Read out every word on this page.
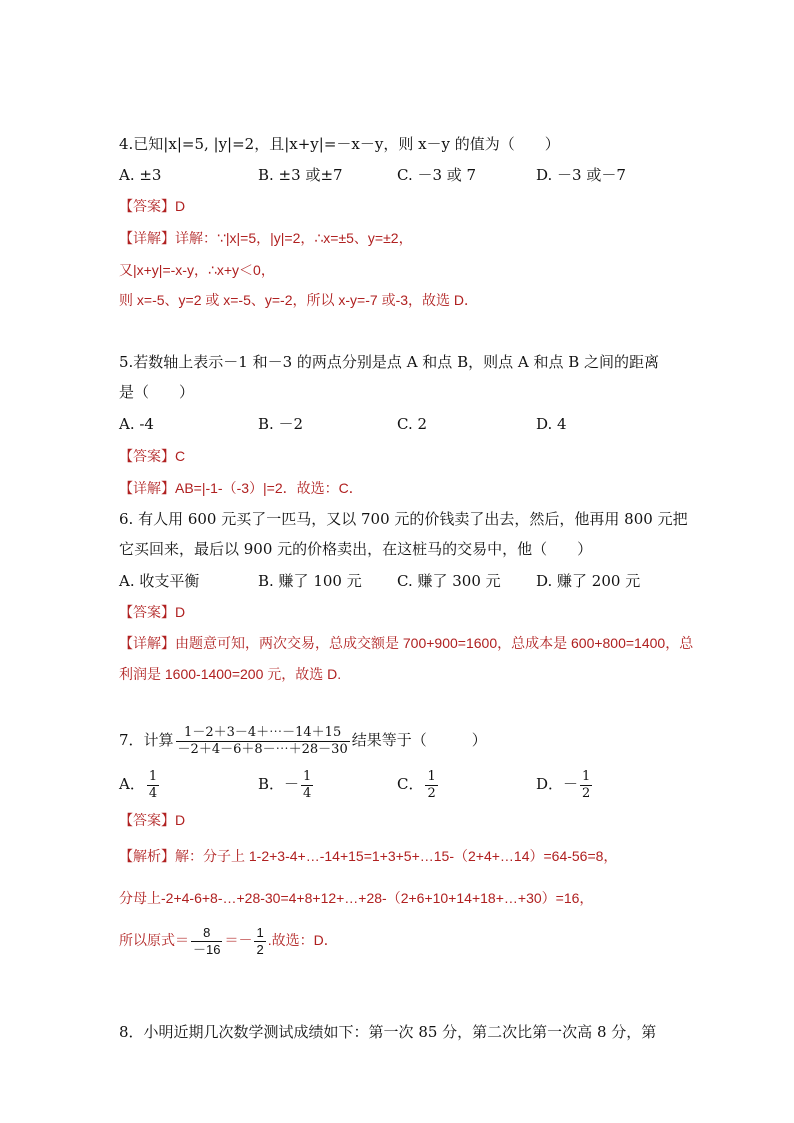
4.已知|x|=5, |y|=2，且|x+y|=－x－y，则 x－y 的值为（　　）
A. ±3	B. ±3 或±7	C. －3 或 7	D. －3 或－7
【答案】D
【详解】详解：∵|x|=5，|y|=2，∴x=±5、y=±2，
又|x+y|=-x-y，∴x+y＜0，
则 x=-5、y=2 或 x=-5、y=-2，所以 x-y=-7 或-3，故选 D．
5.若数轴上表示－1 和－3 的两点分别是点 A 和点 B，则点 A 和点 B 之间的距离
是（　　）
A. -4	B. －2	C. 2	D. 4
【答案】C
【详解】AB=|-1-（-3）|=2．故选：C．
6. 有人用 600 元买了一匹马，又以 700 元的价钱卖了出去，然后，他再用 800 元把
它买回来，最后以 900 元的价格卖出，在这桩马的交易中，他（　　）
A. 收支平衡	B. 赚了 100 元 C. 赚了 300 元 D. 赚了 200 元
【答案】D
【详解】由题意可知，两次交易，总成交额是 700+900=1600，总成本是 600+800=1400，总
利润是 1600-1400=200 元，故选 D.
7．计算 $\frac{1-2+3-4+\cdots-14+15}{-2+4-6+8-\cdots+28-30}$ 结果等于（　　　）
A． $\frac{1}{4}$	B．－ $\frac{1}{4}$	C． $\frac{1}{2}$	D．－ $\frac{1}{2}$
【答案】D
【解析】解：分子上 1-2+3-4+…-14+15=1+3+5+…15-（2+4+…14）=64-56=8，
分母上-2+4-6+8-…+28-30=4+8+12+…+28-（2+6+10+14+18+…+30）=16，
所以原式＝ $\frac{8}{-16} =- \frac{1}{2}$ .故选：D．
8．小明近期几次数学测试成绩如下：第一次 85 分，第二次比第一次高 8 分，第
